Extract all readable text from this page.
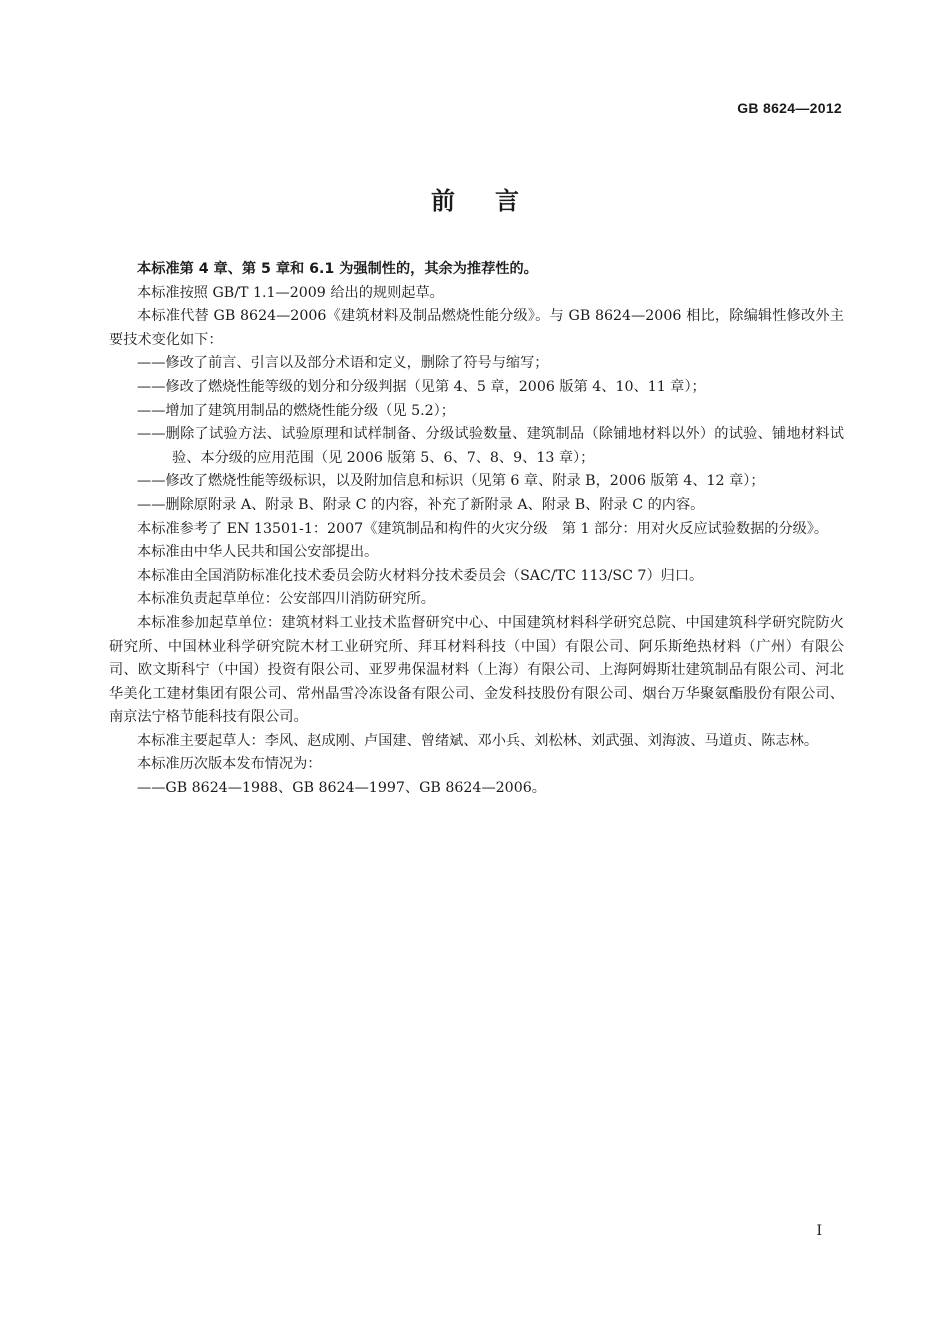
GB 8624—2012
前言

本标准第 4 章、第 5 章和 6.1 为强制性的，其余为推荐性的。

本标准按照 GB/T 1.1—2009 给出的规则起草。

本标准代替 GB 8624—2006《建筑材料及制品燃烧性能分级》。与 GB 8624—2006 相比，除编辑性修改外主要技术变化如下：

——修改了前言、引言以及部分术语和定义，删除了符号与缩写；

——修改了燃烧性能等级的划分和分级判据（见第 4、5 章，2006 版第 4、10、11 章）；

——增加了建筑用制品的燃烧性能分级（见 5.2）；

——删除了试验方法、试验原理和试样制备、分级试验数量、建筑制品（除铺地材料以外）的试验、铺地材料试验、本分级的应用范围（见 2006 版第 5、6、7、8、9、13 章）；

——修改了燃烧性能等级标识，以及附加信息和标识（见第 6 章、附录 B，2006 版第 4、12 章）；

——删除原附录 A、附录 B、附录 C 的内容，补充了新附录 A、附录 B、附录 C 的内容。

本标准参考了 EN 13501-1：2007《建筑制品和构件的火灾分级　第 1 部分：用对火反应试验数据的分级》。

本标准由中华人民共和国公安部提出。

本标准由全国消防标准化技术委员会防火材料分技术委员会（SAC/TC 113/SC 7）归口。

本标准负责起草单位：公安部四川消防研究所。

本标准参加起草单位：建筑材料工业技术监督研究中心、中国建筑材料科学研究总院、中国建筑科学研究院防火研究所、中国林业科学研究院木材工业研究所、拜耳材料科技（中国）有限公司、阿乐斯绝热材料（广州）有限公司、欧文斯科宁（中国）投资有限公司、亚罗弗保温材料（上海）有限公司、上海阿姆斯壮建筑制品有限公司、河北华美化工建材集团有限公司、常州晶雪冷冻设备有限公司、金发科技股份有限公司、烟台万华聚氨酯股份有限公司、南京法宁格节能科技有限公司。

本标准主要起草人：李风、赵成刚、卢国建、曾绪斌、邓小兵、刘松林、刘武强、刘海波、马道贞、陈志林。

本标准历次版本发布情况为：

——GB 8624—1988、GB 8624—1997、GB 8624—2006。

I
